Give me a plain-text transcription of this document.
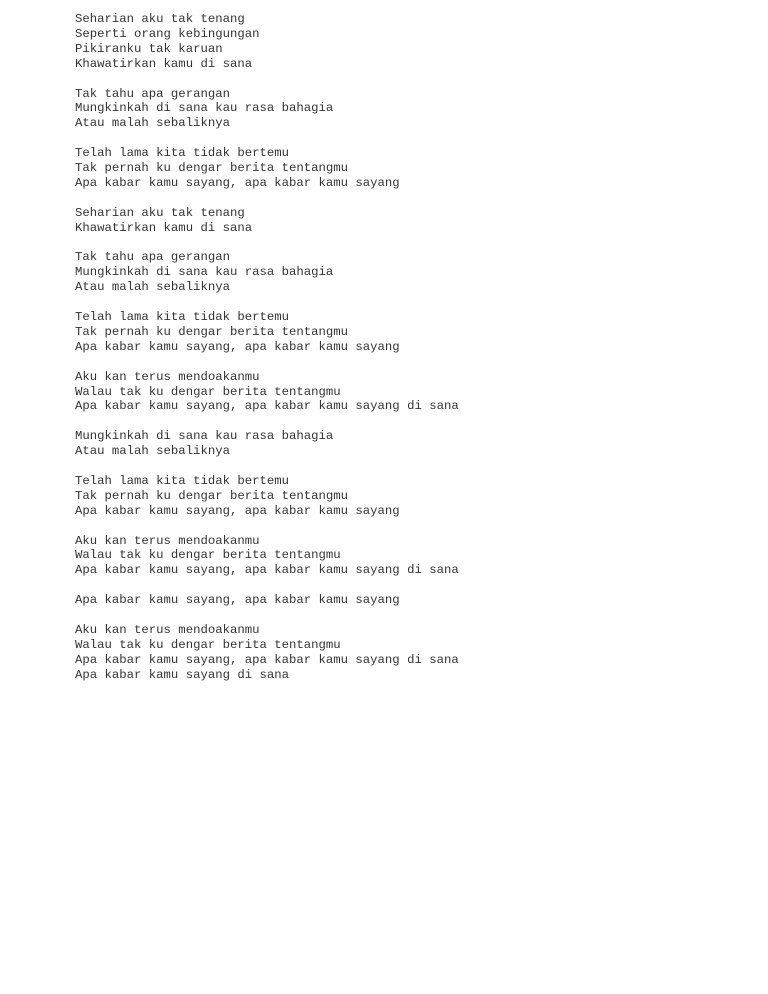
Seharian aku tak tenang
Seperti orang kebingungan
Pikiranku tak karuan
Khawatirkan kamu di sana
Tak tahu apa gerangan
Mungkinkah di sana kau rasa bahagia
Atau malah sebaliknya
Telah lama kita tidak bertemu
Tak pernah ku dengar berita tentangmu
Apa kabar kamu sayang, apa kabar kamu sayang
Seharian aku tak tenang
Khawatirkan kamu di sana
Tak tahu apa gerangan
Mungkinkah di sana kau rasa bahagia
Atau malah sebaliknya
Telah lama kita tidak bertemu
Tak pernah ku dengar berita tentangmu
Apa kabar kamu sayang, apa kabar kamu sayang
Aku kan terus mendoakanmu
Walau tak ku dengar berita tentangmu
Apa kabar kamu sayang, apa kabar kamu sayang di sana
Mungkinkah di sana kau rasa bahagia
Atau malah sebaliknya
Telah lama kita tidak bertemu
Tak pernah ku dengar berita tentangmu
Apa kabar kamu sayang, apa kabar kamu sayang
Aku kan terus mendoakanmu
Walau tak ku dengar berita tentangmu
Apa kabar kamu sayang, apa kabar kamu sayang di sana
Apa kabar kamu sayang, apa kabar kamu sayang
Aku kan terus mendoakanmu
Walau tak ku dengar berita tentangmu
Apa kabar kamu sayang, apa kabar kamu sayang di sana
Apa kabar kamu sayang di sana
